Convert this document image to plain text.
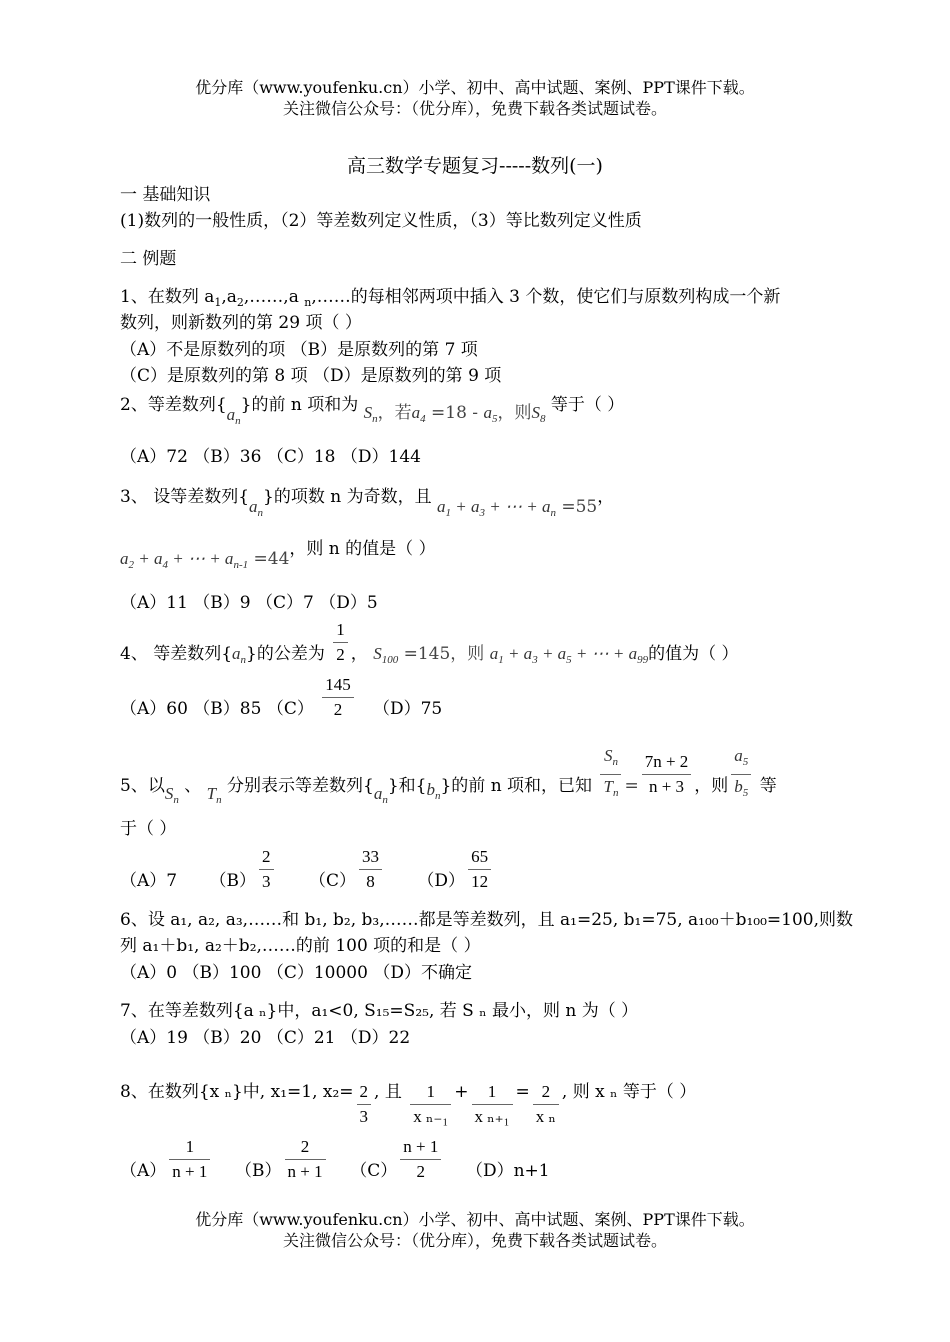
优分库（www.youfenku.cn）小学、初中、高中试题、案例、PPT课件下载。
关注微信公众号：（优分库），免费下载各类试题试卷。
高三数学专题复习-----数列(一)
一 基础知识
(1)数列的一般性质，（2）等差数列定义性质，（3）等比数列定义性质
二 例题
1、在数列 $a_1,a_2,\dots\dots,a$ $_n$,……的每相邻两项中插入 3 个数，使它们与原数列构成一个新
数列，则新数列的第 29 项（ ）
（A）不是原数列的项 （B）是原数列的第 7 项
（C）是原数列的第 8 项 （D）是原数列的第 9 项
2、等差数列$\{a_n\}$的前 n 项和为 $S_n$，若$a_4 =18 - a_5$，则$S_8$ 等于（ ）
（A）72 （B）36 （C）18 （D）144
3、 设等差数列$\{a_n\}$的项数 n 为奇数，且 $a_1 + a_3$ + ⋯ + $a_n =55$，
$a_2 + a_4$ + ⋯ + $a_{n-1} =44$，则 n 的值是（ ）
（A）11 （B）9 （C）7 （D）5
4、 等差数列$\{a_n\}$的公差为 $\frac{1}{2}$ ， $S_{100} =145$，则 $a_1 + a_3 + a_5$ + ⋯ + $a_{99}$的值为（ ）
（A）60 （B）85 $(C) \frac{145}{2} (D)75$
5、以$S_n$ 、 $T_n$ 分别表示等差数列$\{a_n\}$和$\{b_n\}$的前 n 项和，已知 $\frac{S_n}{T_n} = \frac{7n + 2}{n + 3}$ ，则 $\frac{a_5}{b_5}$ 等
于（ ）
（A）7 $(B) \frac{2}{3} (C) \frac{33}{8} (D) \frac{65}{12}$
6、设 a₁, a₂, a₃,……和 b₁, b₂, b₃,……都是等差数列，且 a₁=25, b₁=75, a₁₀₀＋b₁₀₀=100,则数
列 a₁＋b₁, a₂＋b₂,……的前 100 项的和是（ ）
（A）0 （B）100 （C）10000 （D）不确定
7、在等差数列{a ₙ}中，a₁<0, S₁₅=S₂₅, 若 S ₙ 最小，则 n 为（ ）
（A）19 （B）20 （C）21 （D）22
8、在数列{x ₙ}中, x₁=1, $x_2= \frac{2}{3}$ , 且 $\frac{1}{\text{x ₙ₋₁}} + \frac{1}{\text{x ₙ₊₁}} = \frac{2}{\text{x ₙ}}$ , 则 x ₙ 等于（ ）
$(A) \frac{1}{n + 1} (B) \frac{2}{n + 1} (C) \frac{n + 1}{2} (D)n+1$
优分库（www.youfenku.cn）小学、初中、高中试题、案例、PPT课件下载。
关注微信公众号：（优分库），免费下载各类试题试卷。
